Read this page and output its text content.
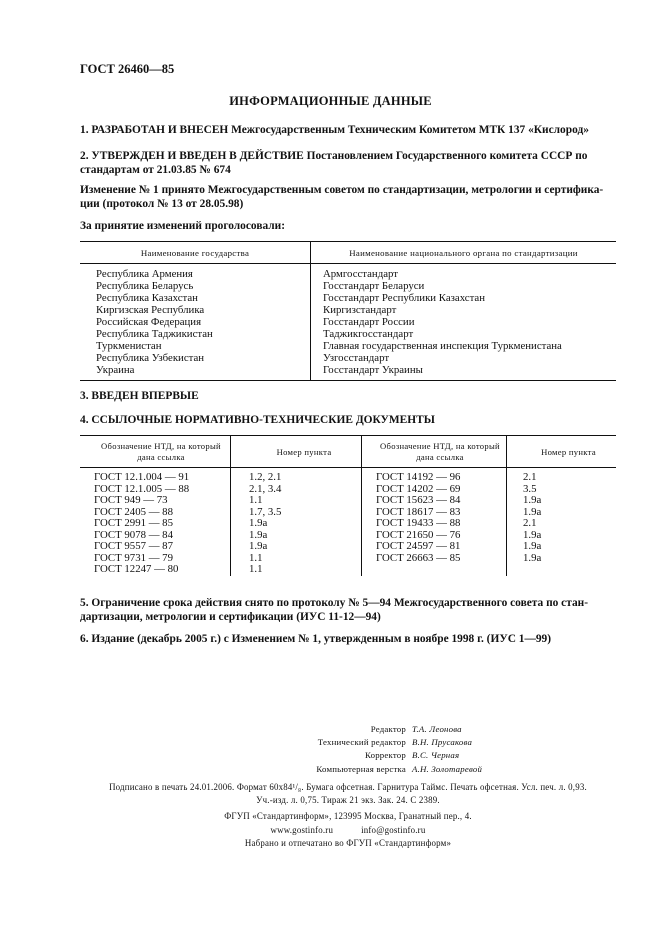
ГОСТ 26460—85
ИНФОРМАЦИОННЫЕ ДАННЫЕ
1. РАЗРАБОТАН И ВНЕСЕН Межгосударственным Техническим Комитетом МТК 137 «Кислород»
2. УТВЕРЖДЕН И ВВЕДЕН В ДЕЙСТВИЕ Постановлением Государственного комитета СССР по стандартам от 21.03.85 № 674
Изменение № 1 принято Межгосударственным советом по стандартизации, метрологии и сертифика-ции (протокол № 13 от 28.05.98)
За принятие изменений проголосовали:
Наименование государства	Наименование национального органа по стандартизации
Республика Армения	Армгосстандарт
Республика Беларусь	Госстандарт Беларуси
Республика Казахстан	Госстандарт Республики Казахстан
Киргизская Республика	Киргизстандарт
Российская Федерация	Госстандарт России
Республика Таджикистан	Таджикгосстандарт
Туркменистан	Главная государственная инспекция Туркменистана
Республика Узбекистан	Узгосстандарт
Украина	Госстандарт Украины
3. ВВЕДЕН ВПЕРВЫЕ
4. ССЫЛОЧНЫЕ НОРМАТИВНО-ТЕХНИЧЕСКИЕ ДОКУМЕНТЫ
Обозначение НТД, на который дана ссылка	Номер пункта	Обозначение НТД, на который дана ссылка	Номер пункта
ГОСТ 12.1.004 — 91	1.2, 2.1	ГОСТ 14192 — 96	2.1
ГОСТ 12.1.005 — 88	2.1, 3.4	ГОСТ 14202 — 69	3.5
ГОСТ 949 — 73	1.1	ГОСТ 15623 — 84	1.9а
ГОСТ 2405 — 88	1.7, 3.5	ГОСТ 18617 — 83	1.9а
ГОСТ 2991 — 85	1.9а	ГОСТ 19433 — 88	2.1
ГОСТ 9078 — 84	1.9а	ГОСТ 21650 — 76	1.9а
ГОСТ 9557 — 87	1.9а	ГОСТ 24597 — 81	1.9а
ГОСТ 9731 — 79	1.1	ГОСТ 26663 — 85	1.9а
ГОСТ 12247 — 80	1.1		
5. Ограничение срока действия снято по протоколу № 5—94 Межгосударственного совета по стан-дартизации, метрологии и сертификации (ИУС 11-12—94)
6. Издание (декабрь 2005 г.) с Изменением № 1, утвержденным в ноябре 1998 г. (ИУС 1—99)
Редактор Т.А. Леонова
Технический редактор В.Н. Прусакова
Корректор В.С. Черная
Компьютерная верстка А.Н. Золотаревой
Подписано в печать 24.01.2006. Формат 60x84¹/₈. Бумага офсетная. Гарнитура Таймс. Печать офсетная. Усл. печ. л. 0,93.
Уч.-изд. л. 0,75. Тираж 21 экз. Зак. 24. С 2389.
ФГУП «Стандартинформ», 123995 Москва, Гранатный пер., 4.
www.gostinfo.ru	info@gostinfo.ru
Набрано и отпечатано во ФГУП «Стандартинформ»
